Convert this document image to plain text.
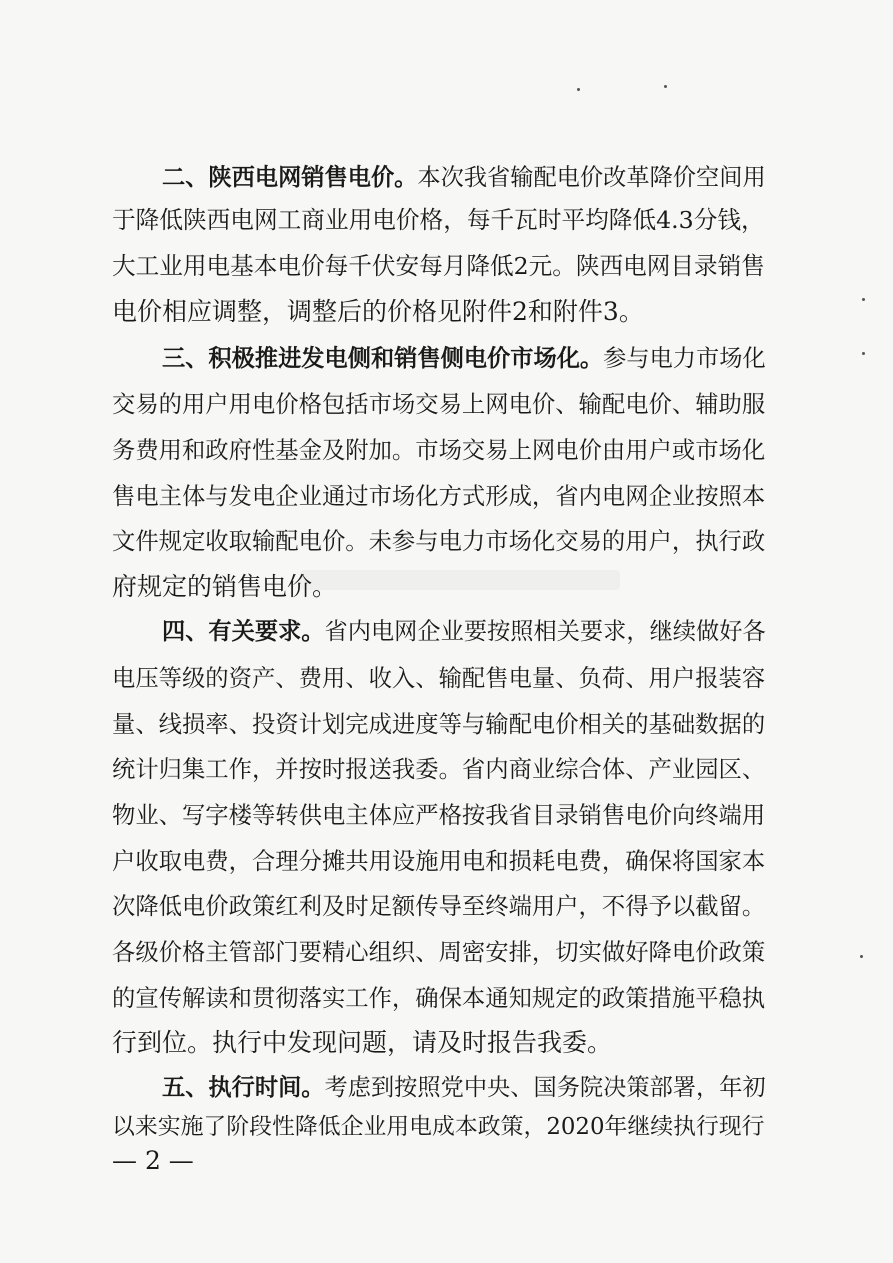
二、陕西电网销售电价。本次我省输配电价改革降价空间用
于降低陕西电网工商业用电价格，每千瓦时平均降低4.3分钱，
大工业用电基本电价每千伏安每月降低2元。陕西电网目录销售
电价相应调整，调整后的价格见附件2和附件3。
三、积极推进发电侧和销售侧电价市场化。参与电力市场化
交易的用户用电价格包括市场交易上网电价、输配电价、辅助服
务费用和政府性基金及附加。市场交易上网电价由用户或市场化
售电主体与发电企业通过市场化方式形成，省内电网企业按照本
文件规定收取输配电价。未参与电力市场化交易的用户，执行政
府规定的销售电价。
四、有关要求。省内电网企业要按照相关要求，继续做好各
电压等级的资产、费用、收入、输配售电量、负荷、用户报装容
量、线损率、投资计划完成进度等与输配电价相关的基础数据的
统计归集工作，并按时报送我委。省内商业综合体、产业园区、
物业、写字楼等转供电主体应严格按我省目录销售电价向终端用
户收取电费，合理分摊共用设施用电和损耗电费，确保将国家本
次降低电价政策红利及时足额传导至终端用户，不得予以截留。
各级价格主管部门要精心组织、周密安排，切实做好降电价政策
的宣传解读和贯彻落实工作，确保本通知规定的政策措施平稳执
行到位。执行中发现问题，请及时报告我委。
五、执行时间。考虑到按照党中央、国务院决策部署，年初
以来实施了阶段性降低企业用电成本政策，2020年继续执行现行
— 2 —
